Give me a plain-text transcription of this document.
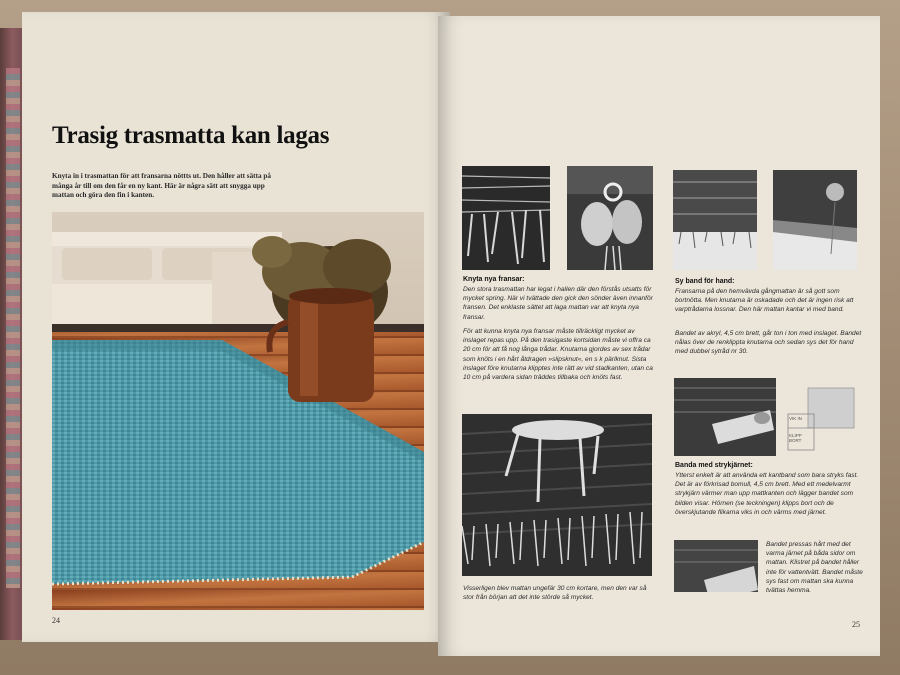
Trasig trasmatta kan lagas

Knyta in i trasmattan för att fransarna nöttts ut. Den håller att sätta på många år till om den får en ny kant. Här är några sätt att snygga upp mattan och göra den fin i kanten.

24

Knyta nya fransar:

Den stora trasmattan har legat i hallen där den förstås utsatts för mycket spring. När vi tvättade den gick den sönder även innanför fransen. Det enklaste sättet att laga mattan var att knyta nya fransar.

För att kunna knyta nya fransar måste tillräckligt mycket av inslaget repas upp. På den trasigaste kortsidan måste vi offra ca 20 cm för att få nog långa trådar. Knutarna gjordes av sex trådar som knöts i en hårt åtdragen »slipsknut«, en s k pärlknut. Sista inslaget före knutarna klipptes inte rätt av vid stadkanten, utan ca 10 cm på vardera sidan träddes tillbaka och knöts fast.

Visserligen blev mattan ungefär 30 cm kortare, men den var så stor från början att det inte störde så mycket.

Sy band för hand:

Fransarna på den hemvävda gångmattan är så gott som bortnötta. Men knutarna är oskadade och det är ingen risk att varptrådarna lossnar. Den här mattan kantar vi med band.

Bandet av akryl, 4,5 cm brett, går ton i ton med inslaget. Bandet nålas över de renklippta knutarna och sedan sys det för hand med dubbel sytråd nr 30.

VIK IN
KLIPP BORT

Banda med strykjärnet:

Ytterst enkelt är att använda ett kantband som bara stryks fast. Det är av förkrisad bomull, 4,5 cm brett. Med ett medelvarmt strykjärn värmer man upp mattkanten och lägger bandet som bilden visar. Hörnen (se teckningen) klipps bort och de överskjutande flikarna viks in och värms med järnet.

Bandet pressas hårt med det varma järnet på båda sidor om mattan. Klistret på bandet håller inte för vattentvätt. Bandet måste sys fast om mattan ska kunna tvättas hemma.

25
